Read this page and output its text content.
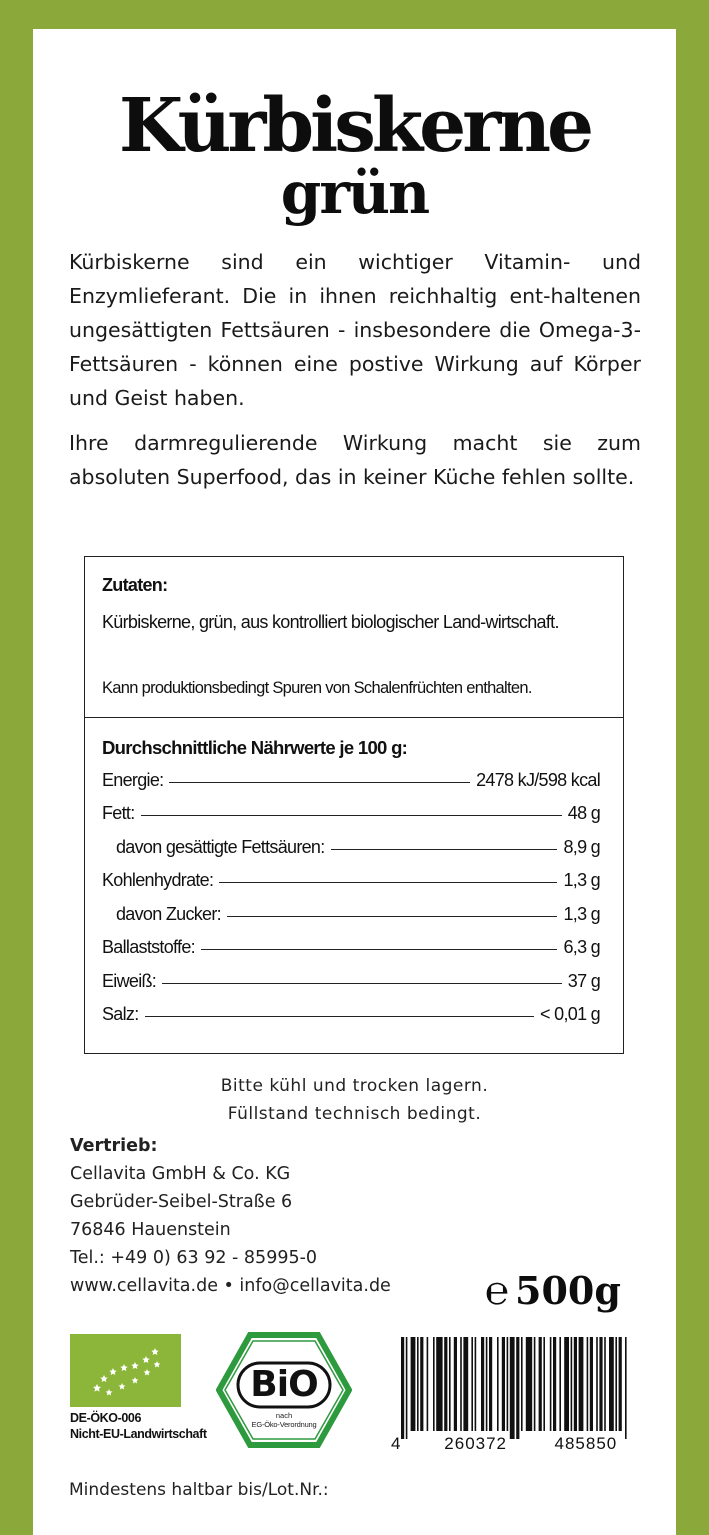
Kürbiskerne
grün

Kürbiskerne sind ein wichtiger Vitamin- und Enzymlieferant. Die in ihnen reichhaltig ent-haltenen ungesättigten Fettsäuren - insbesondere die Omega-3-Fettsäuren - können eine postive Wirkung auf Körper und Geist haben.

Ihre darmregulierende Wirkung macht sie zum absoluten Superfood, das in keiner Küche fehlen sollte.

Zutaten:
Kürbiskerne, grün, aus kontrolliert biologischer Land-wirtschaft.
Kann produktionsbedingt Spuren von Schalenfrüchten enthalten.
Durchschnittliche Nährwerte je 100 g:
Energie:	2478 kJ/598 kcal
Fett:	48 g
davon gesättigte Fettsäuren:	8,9 g
Kohlenhydrate:	1,3 g
davon Zucker:	1,3 g
Ballaststoffe:	6,3 g
Eiweiß:	37 g
Salz:	< 0,01 g
Bitte kühl und trocken lagern.
Füllstand technisch bedingt.
Vertrieb:
Cellavita GmbH & Co. KG
Gebrüder-Seibel-Straße 6
76846 Hauenstein
Tel.: +49 0) 63 92 - 85995-0
www.cellavita.de • info@cellavita.de ℮ 500g
DE-ÖKO-006
Nicht-EU-Landwirtschaft
BiO
nach
EG-Öko-Verordnung
4	260372	485850
Mindestens haltbar bis/Lot.Nr.:
